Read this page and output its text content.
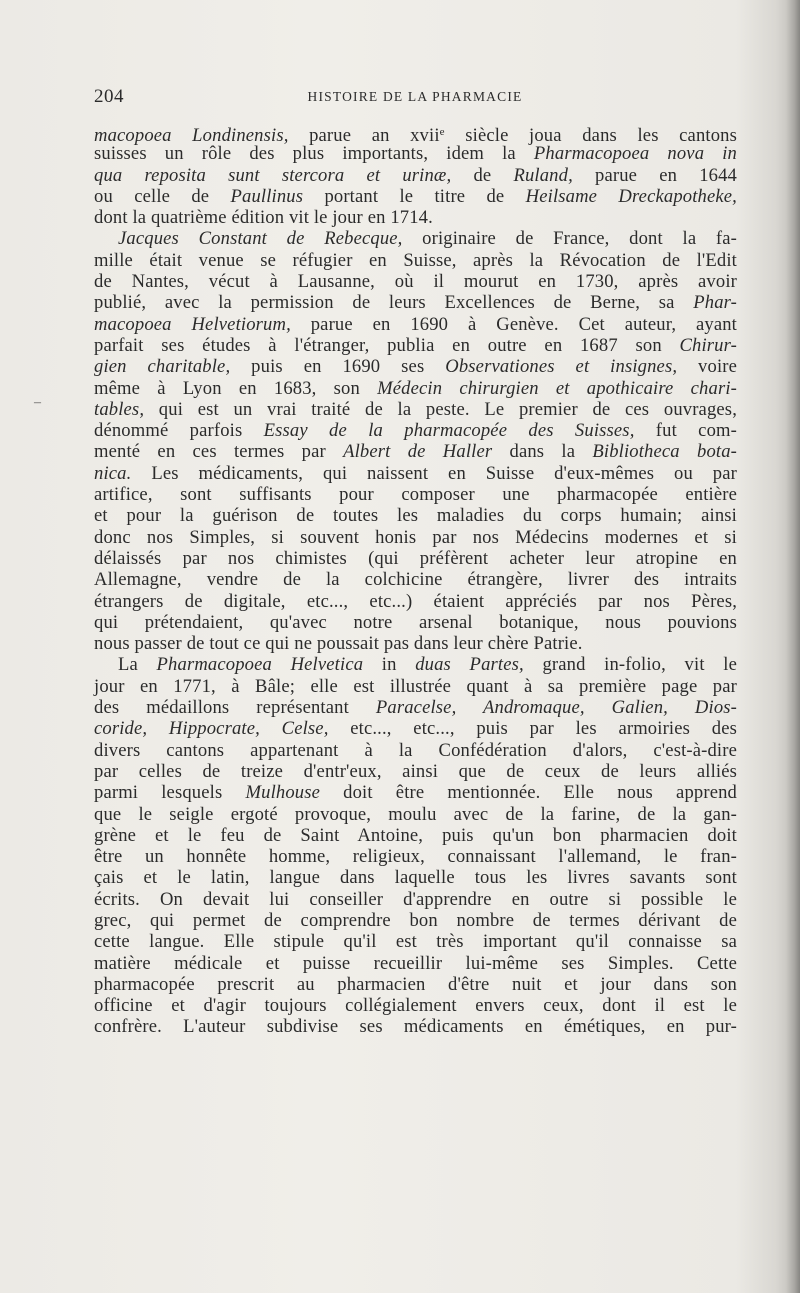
204	HISTOIRE DE LA PHARMACIE
–
macopoea Londinensis, parue an xvii$^e$ siècle joua dans les cantons
suisses un rôle des plus importants, idem la Pharmacopoea nova in
qua reposita sunt stercora et urinæ, de Ruland, parue en 1644
ou celle de Paullinus portant le titre de Heilsame Dreckapotheke,
dont la quatrième édition vit le jour en 1714.
Jacques Constant de Rebecque, originaire de France, dont la fa-
mille était venue se réfugier en Suisse, après la Révocation de l'Edit
de Nantes, vécut à Lausanne, où il mourut en 1730, après avoir
publié, avec la permission de leurs Excellences de Berne, sa Phar-
macopoea Helvetiorum, parue en 1690 à Genève. Cet auteur, ayant
parfait ses études à l'étranger, publia en outre en 1687 son Chirur-
gien charitable, puis en 1690 ses Observationes et insignes, voire
même à Lyon en 1683, son Médecin chirurgien et apothicaire chari-
tables, qui est un vrai traité de la peste. Le premier de ces ouvrages,
dénommé parfois Essay de la pharmacopée des Suisses, fut com-
menté en ces termes par Albert de Haller dans la Bibliotheca bota-
nica. Les médicaments, qui naissent en Suisse d'eux-mêmes ou par
artifice, sont suffisants pour composer une pharmacopée entière
et pour la guérison de toutes les maladies du corps humain; ainsi
donc nos Simples, si souvent honis par nos Médecins modernes et si
délaissés par nos chimistes (qui préfèrent acheter leur atropine en
Allemagne, vendre de la colchicine étrangère, livrer des intraits
étrangers de digitale, etc..., etc...) étaient appréciés par nos Pères,
qui prétendaient, qu'avec notre arsenal botanique, nous pouvions
nous passer de tout ce qui ne poussait pas dans leur chère Patrie.
La Pharmacopoea Helvetica in duas Partes, grand in-folio, vit le
jour en 1771, à Bâle; elle est illustrée quant à sa première page par
des médaillons représentant Paracelse, Andromaque, Galien, Dios-
coride, Hippocrate, Celse, etc..., etc..., puis par les armoiries des
divers cantons appartenant à la Confédération d'alors, c'est-à-dire
par celles de treize d'entr'eux, ainsi que de ceux de leurs alliés
parmi lesquels Mulhouse doit être mentionnée. Elle nous apprend
que le seigle ergoté provoque, moulu avec de la farine, de la gan-
grène et le feu de Saint Antoine, puis qu'un bon pharmacien doit
être un honnête homme, religieux, connaissant l'allemand, le fran-
çais et le latin, langue dans laquelle tous les livres savants sont
écrits. On devait lui conseiller d'apprendre en outre si possible le
grec, qui permet de comprendre bon nombre de termes dérivant de
cette langue. Elle stipule qu'il est très important qu'il connaisse sa
matière médicale et puisse recueillir lui-même ses Simples. Cette
pharmacopée prescrit au pharmacien d'être nuit et jour dans son
officine et d'agir toujours collégialement envers ceux, dont il est le
confrère. L'auteur subdivise ses médicaments en émétiques, en pur-
